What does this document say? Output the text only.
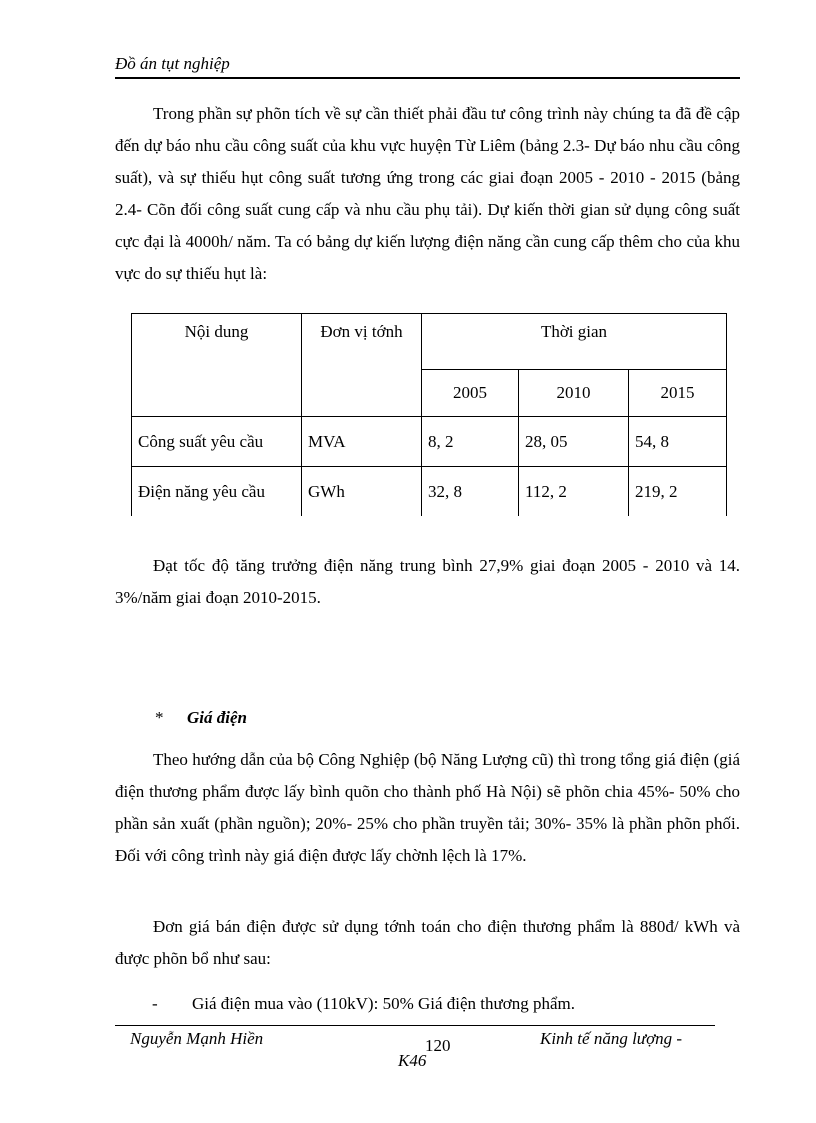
Đồ án tụt nghiệp

Trong phần sự phõn tích về sự cần thiết phải đầu tư công trình này chúng ta đã đề cập đến dự báo nhu cầu công suất của khu vực huyện Từ Liêm (bảng 2.3- Dự báo nhu cầu công suất), và sự thiếu hụt công suất tương ứng trong các giai đoạn 2005 - 2010 - 2015 (bảng 2.4- Cõn đối công suất cung cấp và nhu cầu phụ tải). Dự kiến thời gian sử dụng công suất cực đại là 4000h/ năm. Ta có bảng dự kiến lượng điện năng cần cung cấp thêm cho của khu vực do sự thiếu hụt là:

Nội dung	Đơn vị tớnh	Thời gian		
		2005	2010	2015
Công suất yêu cầu	MVA	8, 2	28, 05	54, 8
Điện năng yêu cầu	GWh	32, 8	112, 2	219, 2

Đạt tốc độ tăng trưởng điện năng trung bình 27,9% giai đoạn 2005 - 2010 và 14. 3%/năm giai đoạn 2010-2015.

* Giá điện

Theo hướng dẫn của bộ Công Nghiệp (bộ Năng Lượng cũ) thì trong tổng giá điện (giá điện thương phẩm được lấy bình quõn cho thành phố Hà Nội) sẽ phõn chia 45%- 50% cho phần sản xuất (phần nguồn); 20%- 25% cho phần truyền tải; 30%- 35% là phần phõn phối. Đối với công trình này giá điện được lấy chờnh lệch là 17%.

Đơn giá bán điện được sử dụng tớnh toán cho điện thương phẩm là 880đ/ kWh và được phõn bổ như sau:

- Giá điện mua vào (110kV): 50% Giá điện thương phẩm.
Nguyễn Mạnh Hiền	120	Kinh tế năng lượng -
K46
